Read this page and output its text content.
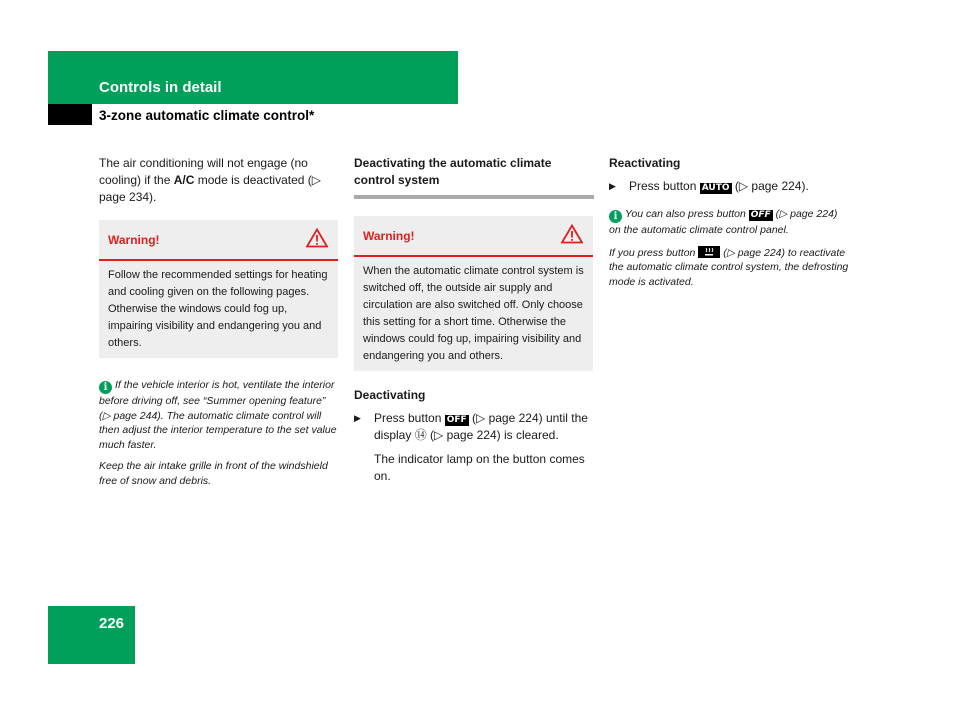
Controls in detail
3-zone automatic climate control*

The air conditioning will not engage (no cooling) if the A/C mode is deactivated (▷ page 234).

Warning!
Follow the recommended settings for heating and cooling given on the following pages. Otherwise the windows could fog up, impairing visibility and endangering you and others.

i If the vehicle interior is hot, ventilate the interior before driving off, see “Summer opening feature” (▷ page 244). The automatic climate control will then adjust the interior temperature to the set value much faster.

Keep the air intake grille in front of the windshield free of snow and debris.

Deactivating the automatic climate control system
Warning!
When the automatic climate control system is switched off, the outside air supply and circulation are also switched off. Only choose this setting for a short time. Otherwise the windows could fog up, impairing visibility and endangering you and others.
Deactivating
▶ Press button OFF (▷ page 224) until the display ⑭ (▷ page 224) is cleared.
The indicator lamp on the button comes on.
Reactivating
▶ Press button AUTO (▷ page 224).

i You can also press button OFF (▷ page 224) on the automatic climate control panel.

If you press button  (▷ page 224) to reactivate the automatic climate control system, the defrosting mode is activated.

226
